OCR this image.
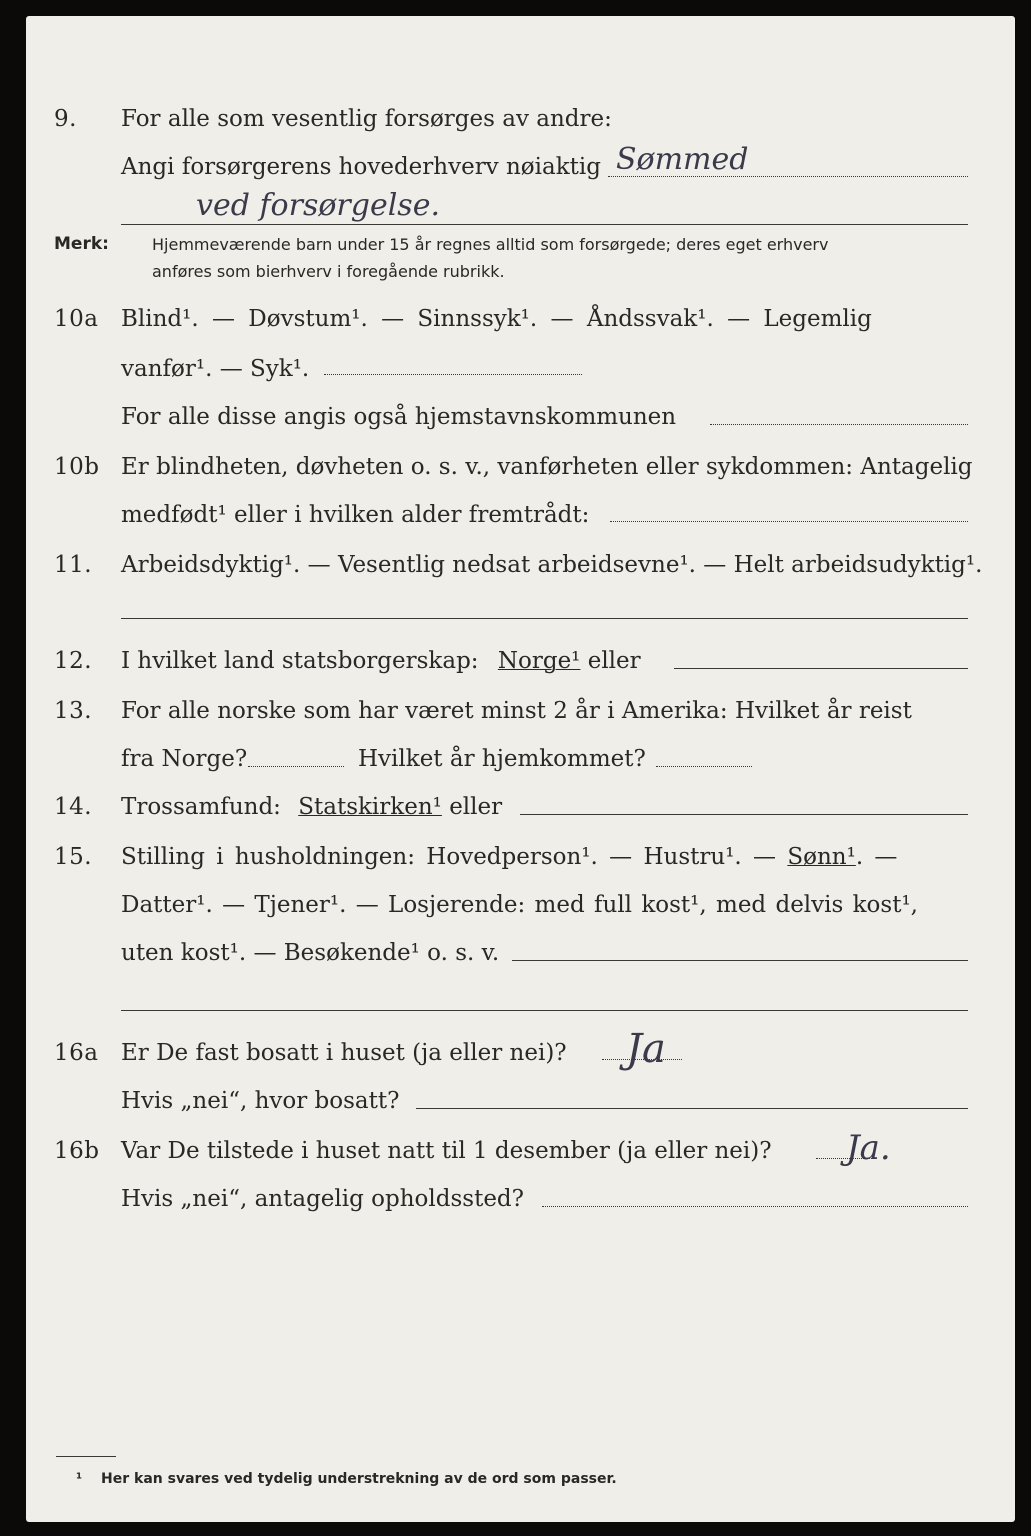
9. For alle som vesentlig forsørges av andre:
Angi forsørgerens hovederhverv nøiaktig Sømmed
ved forsørgelse.
Merk:	Hjemmeværende barn under 15 år regnes alltid som forsørgede; deres eget erhverv
anføres som bierhverv i foregående rubrikk.
10a Blind¹. — Døvstum¹. — Sinnssyk¹. — Åndssvak¹. — Legemlig
vanfør¹. — Syk¹.
For alle disse angis også hjemstavnskommunen
10b Er blindheten, døvheten o. s. v., vanførheten eller sykdommen: Antagelig
medfødt¹ eller i hvilken alder fremtrådt:
11. Arbeidsdyktig¹. — Vesentlig nedsat arbeidsevne¹. — Helt arbeidsudyktig¹.
12. I hvilket land statsborgerskap: Norge¹ eller
13. For alle norske som har været minst 2 år i Amerika: Hvilket år reist
fra Norge?	Hvilket år hjemkommet?
14. Trossamfund: Statskirken¹ eller
15. Stilling i husholdningen: Hovedperson¹. — Hustru¹. — Sønn¹. —
Datter¹. — Tjener¹. — Losjerende: med full kost¹, med delvis kost¹,
uten kost¹. — Besøkende¹ o. s. v.
16a Er De fast bosatt i huset (ja eller nei)? Ja
Hvis „nei“, hvor bosatt?
16b Var De tilstede i huset natt til 1 desember (ja eller nei)? Ja.
Hvis „nei“, antagelig opholdssted?
¹ Her kan svares ved tydelig understrekning av de ord som passer.
